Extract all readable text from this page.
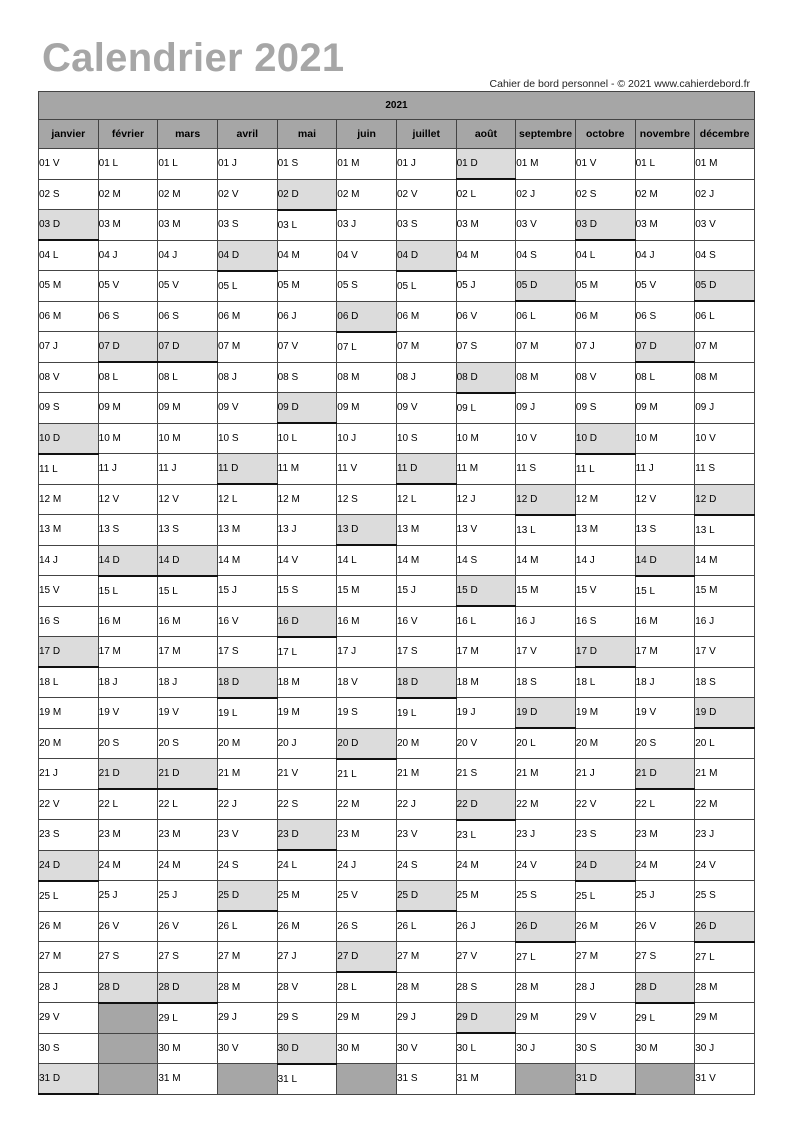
Calendrier 2021
Cahier de bord personnel - © 2021 www.cahierdebord.fr
2021											
janvier	février	mars	avril	mai	juin	juillet	août	septembre	octobre	novembre	décembre
01 V	01 L	01 L	01 J	01 S	01 M	01 J	01 D	01 M	01 V	01 L	01 M
02 S	02 M	02 M	02 V	02 D	02 M	02 V	02 L	02 J	02 S	02 M	02 J
03 D	03 M	03 M	03 S	03 L	03 J	03 S	03 M	03 V	03 D	03 M	03 V
04 L	04 J	04 J	04 D	04 M	04 V	04 D	04 M	04 S	04 L	04 J	04 S
05 M	05 V	05 V	05 L	05 M	05 S	05 L	05 J	05 D	05 M	05 V	05 D
06 M	06 S	06 S	06 M	06 J	06 D	06 M	06 V	06 L	06 M	06 S	06 L
07 J	07 D	07 D	07 M	07 V	07 L	07 M	07 S	07 M	07 J	07 D	07 M
08 V	08 L	08 L	08 J	08 S	08 M	08 J	08 D	08 M	08 V	08 L	08 M
09 S	09 M	09 M	09 V	09 D	09 M	09 V	09 L	09 J	09 S	09 M	09 J
10 D	10 M	10 M	10 S	10 L	10 J	10 S	10 M	10 V	10 D	10 M	10 V
11 L	11 J	11 J	11 D	11 M	11 V	11 D	11 M	11 S	11 L	11 J	11 S
12 M	12 V	12 V	12 L	12 M	12 S	12 L	12 J	12 D	12 M	12 V	12 D
13 M	13 S	13 S	13 M	13 J	13 D	13 M	13 V	13 L	13 M	13 S	13 L
14 J	14 D	14 D	14 M	14 V	14 L	14 M	14 S	14 M	14 J	14 D	14 M
15 V	15 L	15 L	15 J	15 S	15 M	15 J	15 D	15 M	15 V	15 L	15 M
16 S	16 M	16 M	16 V	16 D	16 M	16 V	16 L	16 J	16 S	16 M	16 J
17 D	17 M	17 M	17 S	17 L	17 J	17 S	17 M	17 V	17 D	17 M	17 V
18 L	18 J	18 J	18 D	18 M	18 V	18 D	18 M	18 S	18 L	18 J	18 S
19 M	19 V	19 V	19 L	19 M	19 S	19 L	19 J	19 D	19 M	19 V	19 D
20 M	20 S	20 S	20 M	20 J	20 D	20 M	20 V	20 L	20 M	20 S	20 L
21 J	21 D	21 D	21 M	21 V	21 L	21 M	21 S	21 M	21 J	21 D	21 M
22 V	22 L	22 L	22 J	22 S	22 M	22 J	22 D	22 M	22 V	22 L	22 M
23 S	23 M	23 M	23 V	23 D	23 M	23 V	23 L	23 J	23 S	23 M	23 J
24 D	24 M	24 M	24 S	24 L	24 J	24 S	24 M	24 V	24 D	24 M	24 V
25 L	25 J	25 J	25 D	25 M	25 V	25 D	25 M	25 S	25 L	25 J	25 S
26 M	26 V	26 V	26 L	26 M	26 S	26 L	26 J	26 D	26 M	26 V	26 D
27 M	27 S	27 S	27 M	27 J	27 D	27 M	27 V	27 L	27 M	27 S	27 L
28 J	28 D	28 D	28 M	28 V	28 L	28 M	28 S	28 M	28 J	28 D	28 M
29 V		29 L	29 J	29 S	29 M	29 J	29 D	29 M	29 V	29 L	29 M
30 S		30 M	30 V	30 D	30 M	30 V	30 L	30 J	30 S	30 M	30 J
31 D		31 M		31 L		31 S	31 M		31 D		31 V
